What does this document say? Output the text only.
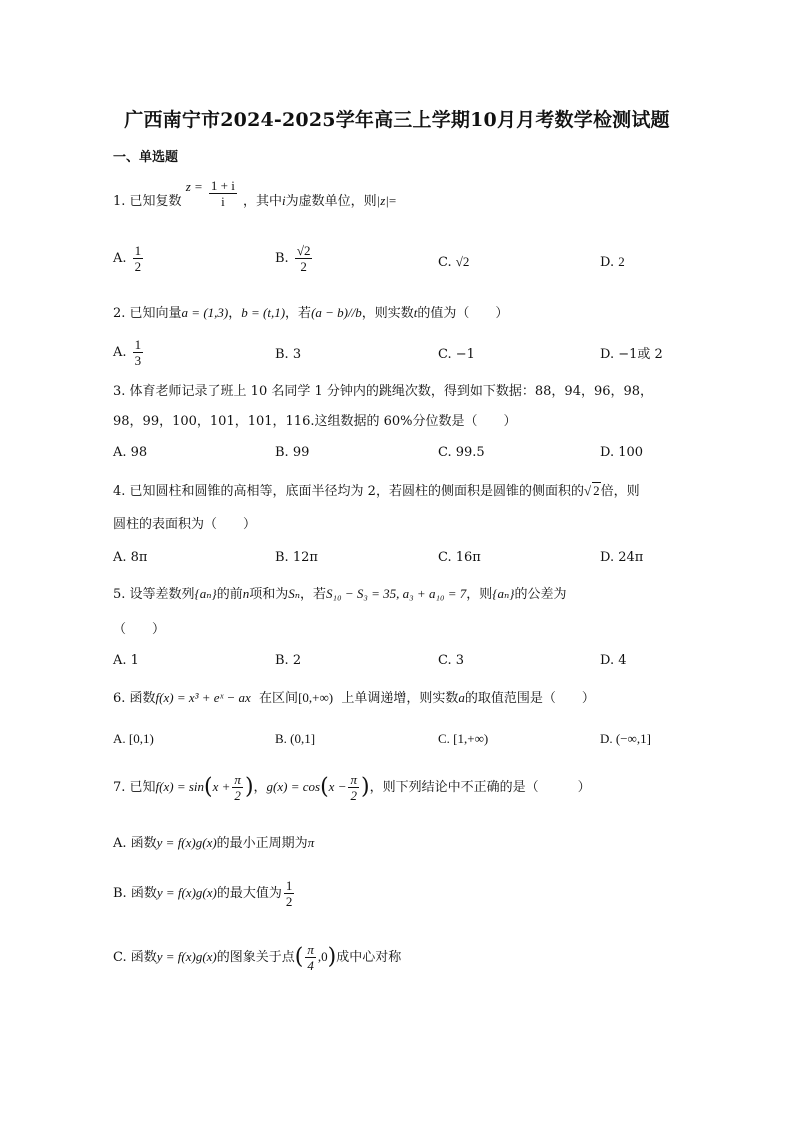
广西南宁市2024-2025学年高三上学期10月月考数学检测试题
一、单选题
1. 已知复数 $z = \frac{1 + i}{i}$ ，其中i为虚数单位，则|z|=
A. $\frac{1}{2}$	B. $\frac{√2}{2}$	C. √2	D. 2
2. 已知向量a = (1,3)，b = (t,1)，若(a − b)//b，则实数t的值为（　　）
A. $\frac{1}{3}$	B. 3	C. −1	D. −1或 2
3. 体育老师记录了班上 10 名同学 1 分钟内的跳绳次数，得到如下数据：88，94，96，98，
98，99，100，101，101，116.这组数据的 60%分位数是（　　）
A. 98	B. 99	C. 99.5	D. 100
4. 已知圆柱和圆锥的高相等，底面半径均为 2，若圆柱的侧面积是圆锥的侧面积的√ 2倍，则
圆柱的表面积为（　　）
A. 8π	B. 12π	C. 16π	D. 24π
5. 设等差数列{aₙ}的前n项和为Sₙ，若S₁₀ − S₃ = 35, a₃ + a₁₀ = 7，则{aₙ}的公差为
（　　）
A. 1	B. 2	C. 3	D. 4
6. 函数f(x) = x³ + eˣ − ax 在区间[0,+∞) 上单调递增，则实数a的取值范围是（　　）
A. [0,1)	B. (0,1]	C. [1,+∞)	D. (−∞,1]
7. 已知$f(x) = \sin(x + \frac{\pi}{2}$ )，$g(x) = \cos(x - \frac{\pi}{2}$ )，则下列结论中不正确的是（　　　）
A. 函数y = f(x)g(x)的最小正周期为π
B. 函数y = f(x)g(x)的最大值为 $\frac{1}{2}$
C. 函数y = f(x)g(x)的图象关于点( $\frac{\pi}{4} ,0$)成中心对称
